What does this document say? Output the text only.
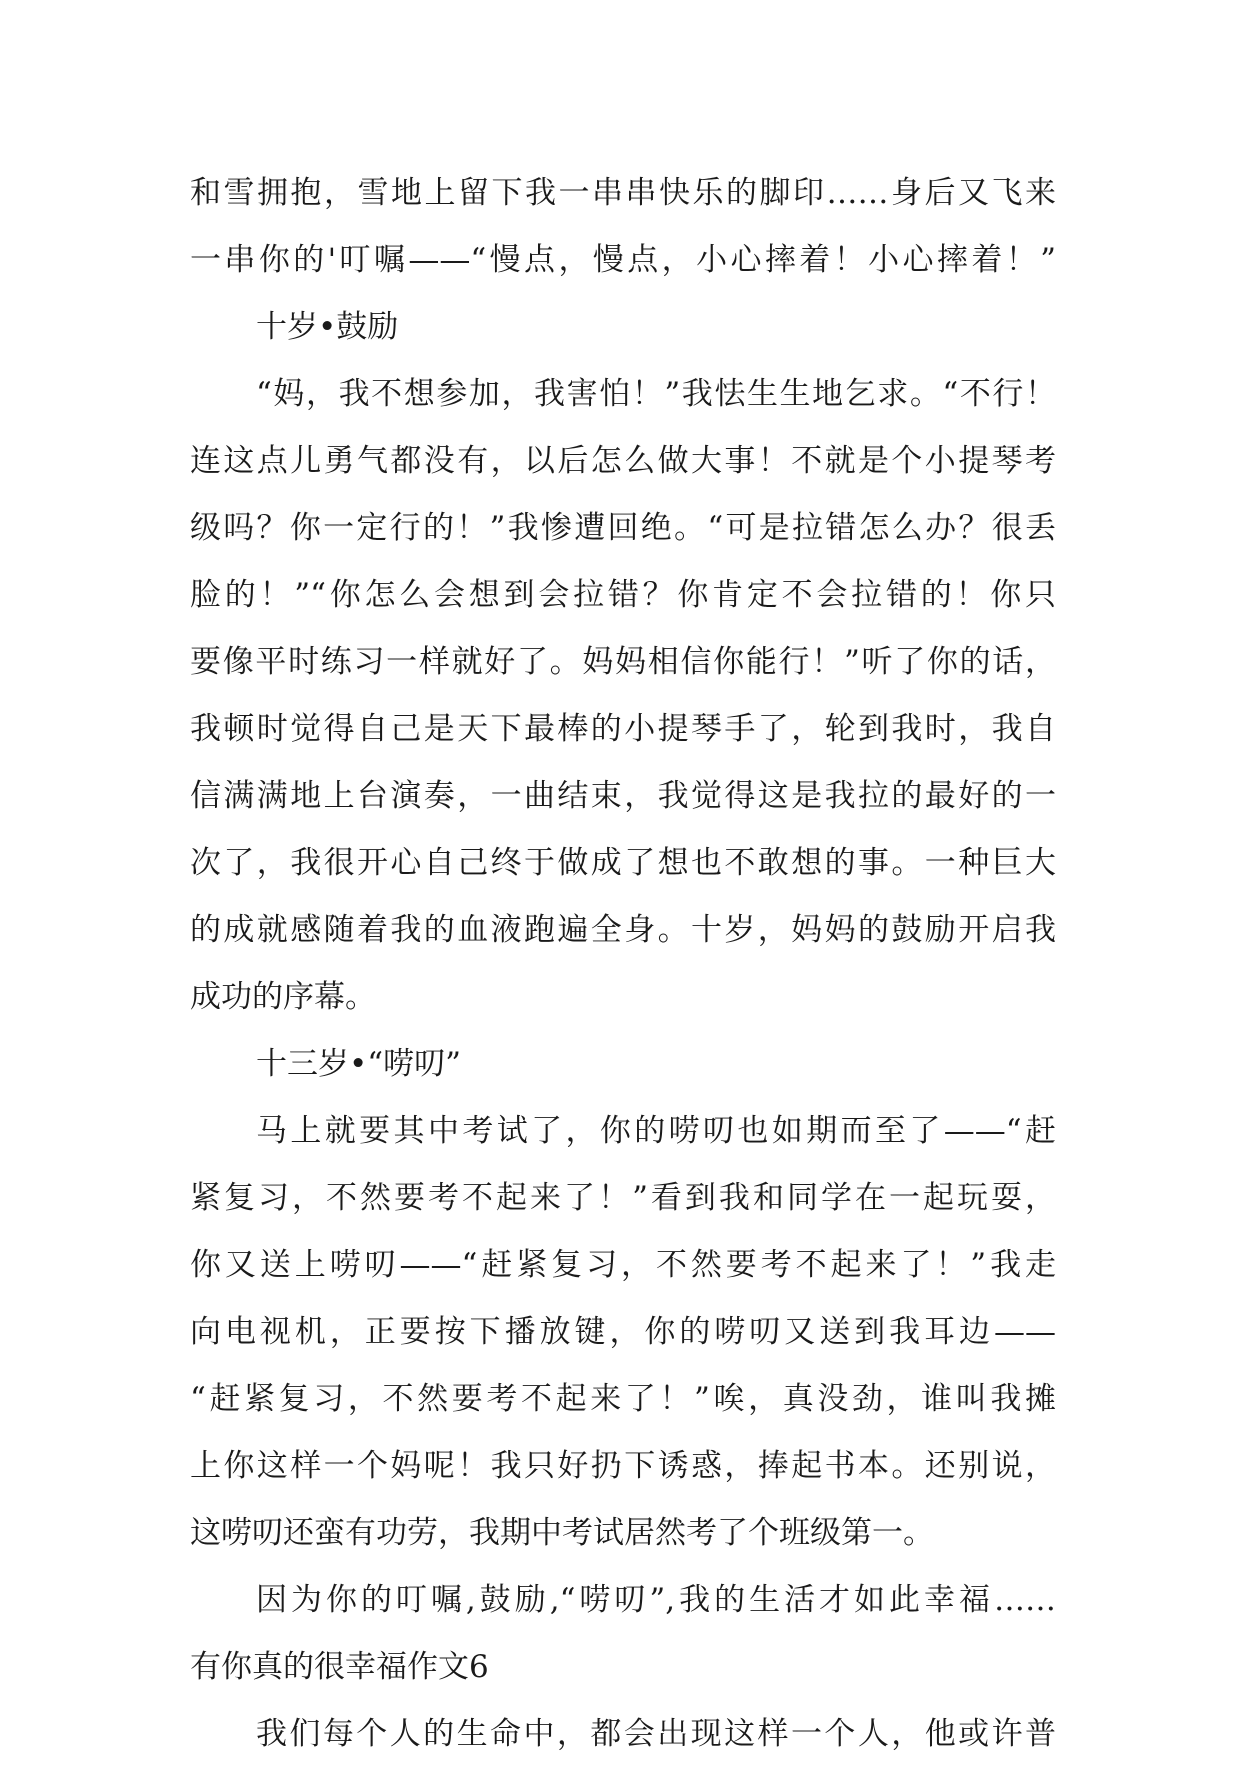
和雪拥抱，雪地上留下我一串串快乐的脚印……身后又飞来
一串你的'叮嘱——“慢点，慢点，小心摔着！小心摔着！”
十岁•鼓励
“妈，我不想参加，我害怕！”我怯生生地乞求。“不行！
连这点儿勇气都没有，以后怎么做大事！不就是个小提琴考
级吗？你一定行的！”我惨遭回绝。“可是拉错怎么办？很丢
脸的！”“你怎么会想到会拉错？你肯定不会拉错的！你只
要像平时练习一样就好了。妈妈相信你能行！”听了你的话，
我顿时觉得自己是天下最棒的小提琴手了，轮到我时，我自
信满满地上台演奏，一曲结束，我觉得这是我拉的最好的一
次了，我很开心自己终于做成了想也不敢想的事。一种巨大
的成就感随着我的血液跑遍全身。十岁，妈妈的鼓励开启我
成功的序幕。
十三岁•“唠叨”
马上就要其中考试了，你的唠叨也如期而至了——“赶
紧复习，不然要考不起来了！”看到我和同学在一起玩耍，
你又送上唠叨——“赶紧复习，不然要考不起来了！”我走
向电视机，正要按下播放键，你的唠叨又送到我耳边——
“赶紧复习，不然要考不起来了！”唉，真没劲，谁叫我摊
上你这样一个妈呢！我只好扔下诱惑，捧起书本。还别说，
这唠叨还蛮有功劳，我期中考试居然考了个班级第一。
因为你的叮嘱,鼓励,“唠叨”,我的生活才如此幸福……
有你真的很幸福作文6
我们每个人的生命中，都会出现这样一个人，他或许普
